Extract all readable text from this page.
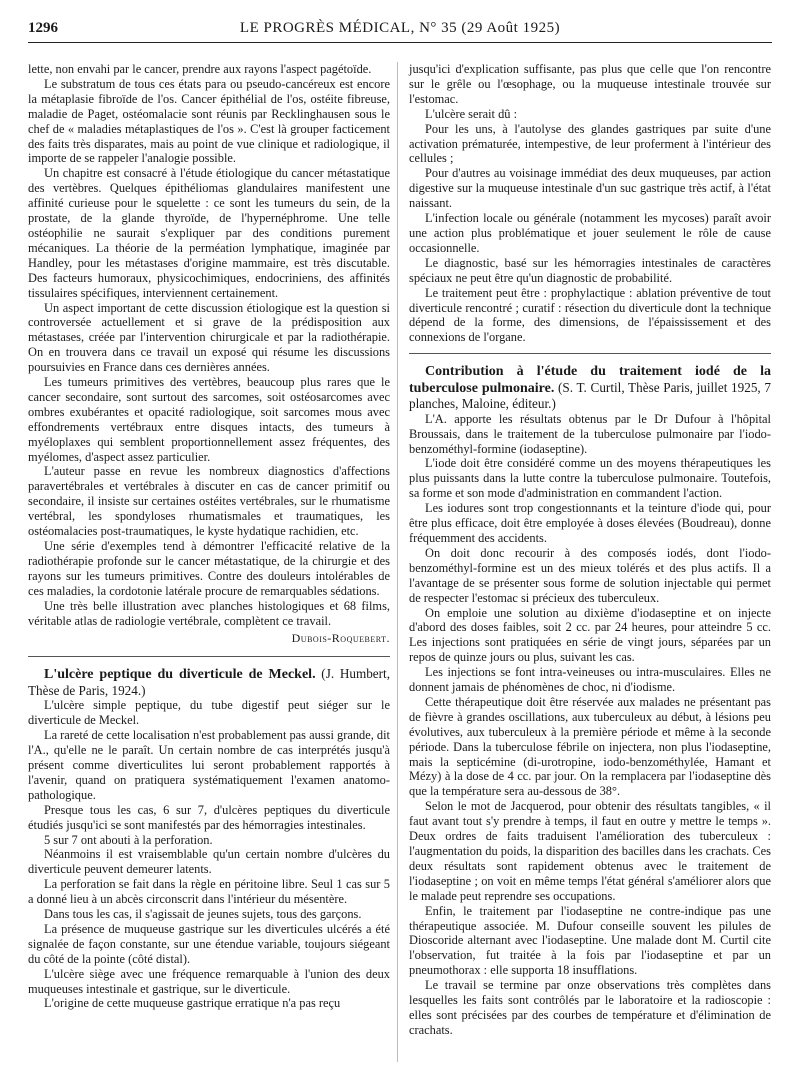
1296	LE PROGRÈS MÉDICAL, N° 35 (29 Août 1925)

lette, non envahi par le cancer, prendre aux rayons l'aspect pagétoïde.

Le substratum de tous ces états para ou pseudo-cancéreux est encore la métaplasie fibroïde de l'os. Cancer épithélial de l'os, ostéite fibreuse, maladie de Paget, ostéomalacie sont réunis par Recklinghausen sous le chef de « maladies métaplastiques de l'os ». C'est là grouper facticement des faits très disparates, mais au point de vue clinique et radiologique, il importe de se rappeler l'analogie possible.

Un chapitre est consacré à l'étude étiologique du cancer métastatique des vertèbres. Quelques épithéliomas glandulaires manifestent une affinité curieuse pour le squelette : ce sont les tumeurs du sein, de la prostate, de la glande thyroïde, de l'hypernéphrome. Une telle ostéophilie ne saurait s'expliquer par des conditions purement mécaniques. La théorie de la perméation lymphatique, imaginée par Handley, pour les métastases d'origine mammaire, est très discutable. Des facteurs humoraux, physicochimiques, endocriniens, des affinités tissulaires spécifiques, interviennent certainement.

Un aspect important de cette discussion étiologique est la question si controversée actuellement et si grave de la prédisposition aux métastases, créée par l'intervention chirurgicale et par la radiothérapie. On en trouvera dans ce travail un exposé qui résume les discussions poursuivies en France dans ces dernières années.

Les tumeurs primitives des vertèbres, beaucoup plus rares que le cancer secondaire, sont surtout des sarcomes, soit ostéosarcomes avec ombres exubérantes et opacité radiologique, soit sarcomes mous avec effondrements vertébraux entre disques intacts, des tumeurs à myéloplaxes qui semblent proportionnellement assez fréquentes, des myélomes, d'aspect assez particulier.

L'auteur passe en revue les nombreux diagnostics d'affections paravertébrales et vertébrales à discuter en cas de cancer primitif ou secondaire, il insiste sur certaines ostéites vertébrales, sur le rhumatisme vertébral, les spondyloses rhumatismales et traumatiques, les ostéomalacies post-traumatiques, le kyste hydatique rachidien, etc.

Une série d'exemples tend à démontrer l'efficacité relative de la radiothérapie profonde sur le cancer métastatique, de la chirurgie et des rayons sur les tumeurs primitives. Contre des douleurs intolérables de ces maladies, la cordotonie latérale procure de remarquables sédations.

Une très belle illustration avec planches histologiques et 68 films, véritable atlas de radiologie vertébrale, complètent ce travail.

Dubois-Roquebert.

L'ulcère peptique du diverticule de Meckel. (J. Humbert, Thèse de Paris, 1924.)

L'ulcère simple peptique, du tube digestif peut siéger sur le diverticule de Meckel.

La rareté de cette localisation n'est probablement pas aussi grande, dit l'A., qu'elle ne le paraît. Un certain nombre de cas interprétés jusqu'à présent comme diverticulites lui seront probablement rapportés à l'avenir, quand on pratiquera systématiquement l'examen anatomo-pathologique.

Presque tous les cas, 6 sur 7, d'ulcères peptiques du diverticule étudiés jusqu'ici se sont manifestés par des hémorragies intestinales.

5 sur 7 ont abouti à la perforation.

Néanmoins il est vraisemblable qu'un certain nombre d'ulcères du diverticule peuvent demeurer latents.

La perforation se fait dans la règle en péritoine libre. Seul 1 cas sur 5 a donné lieu à un abcès circonscrit dans l'intérieur du mésentère.

Dans tous les cas, il s'agissait de jeunes sujets, tous des garçons.

La présence de muqueuse gastrique sur les diverticules ulcérés a été signalée de façon constante, sur une étendue variable, toujours siégeant du côté de la pointe (côté distal).

L'ulcère siège avec une fréquence remarquable à l'union des deux muqueuses intestinale et gastrique, sur le diverticule.

L'origine de cette muqueuse gastrique erratique n'a pas reçu

jusqu'ici d'explication suffisante, pas plus que celle que l'on rencontre sur le grêle ou l'œsophage, ou la muqueuse intestinale trouvée sur l'estomac.

L'ulcère serait dû :

Pour les uns, à l'autolyse des glandes gastriques par suite d'une activation prématurée, intempestive, de leur proferment à l'intérieur des cellules ;

Pour d'autres au voisinage immédiat des deux muqueuses, par action digestive sur la muqueuse intestinale d'un suc gastrique très actif, à l'état naissant.

L'infection locale ou générale (notamment les mycoses) paraît avoir une action plus problématique et jouer seulement le rôle de cause occasionnelle.

Le diagnostic, basé sur les hémorragies intestinales de caractères spéciaux ne peut être qu'un diagnostic de probabilité.

Le traitement peut être : prophylactique : ablation préventive de tout diverticule rencontré ; curatif : résection du diverticule dont la technique dépend de la forme, des dimensions, de l'épaississement et des connexions de l'organe.

Contribution à l'étude du traitement iodé de la tuberculose pulmonaire. (S. T. Curtil, Thèse Paris, juillet 1925, 7 planches, Maloine, éditeur.)

L'A. apporte les résultats obtenus par le Dr Dufour à l'hôpital Broussais, dans le traitement de la tuberculose pulmonaire par l'iodo-benzométhyl-formine (iodaseptine).

L'iode doit être considéré comme un des moyens thérapeutiques les plus puissants dans la lutte contre la tuberculose pulmonaire. Toutefois, sa forme et son mode d'administration en commandent l'action.

Les iodures sont trop congestionnants et la teinture d'iode qui, pour être plus efficace, doit être employée à doses élevées (Boudreau), donne fréquemment des accidents.

On doit donc recourir à des composés iodés, dont l'iodo-benzométhyl-formine est un des mieux tolérés et des plus actifs. Il a l'avantage de se présenter sous forme de solution injectable qui permet de respecter l'estomac si précieux des tuberculeux.

On emploie une solution au dixième d'iodaseptine et on injecte d'abord des doses faibles, soit 2 cc. par 24 heures, pour atteindre 5 cc. Les injections sont pratiquées en série de vingt jours, séparées par un repos de quinze jours ou plus, suivant les cas.

Les injections se font intra-veineuses ou intra-musculaires. Elles ne donnent jamais de phénomènes de choc, ni d'iodisme.

Cette thérapeutique doit être réservée aux malades ne présentant pas de fièvre à grandes oscillations, aux tuberculeux au début, à lésions peu évolutives, aux tuberculeux à la première période et même à la seconde période. Dans la tuberculose fébrile on injectera, non plus l'iodaseptine, mais la septicémine (di-urotropine, iodo-benzométhylée, Hamant et Mézy) à la dose de 4 cc. par jour. On la remplacera par l'iodaseptine dès que la température sera au-dessous de 38°.

Selon le mot de Jacquerod, pour obtenir des résultats tangibles, « il faut avant tout s'y prendre à temps, il faut en outre y mettre le temps ». Deux ordres de faits traduisent l'amélioration des tuberculeux : l'augmentation du poids, la disparition des bacilles dans les crachats. Ces deux résultats sont rapidement obtenus avec le traitement de l'iodaseptine ; on voit en même temps l'état général s'améliorer alors que le malade peut reprendre ses occupations.

Enfin, le traitement par l'iodaseptine ne contre-indique pas une thérapeutique associée. M. Dufour conseille souvent les pilules de Dioscoride alternant avec l'iodaseptine. Une malade dont M. Curtil cite l'observation, fut traitée à la fois par l'iodaseptine et par un pneumothorax : elle supporta 18 insufflations.

Le travail se termine par onze observations très complètes dans lesquelles les faits sont contrôlés par le laboratoire et la radioscopie : elles sont précisées par des courbes de température et d'élimination de crachats.
